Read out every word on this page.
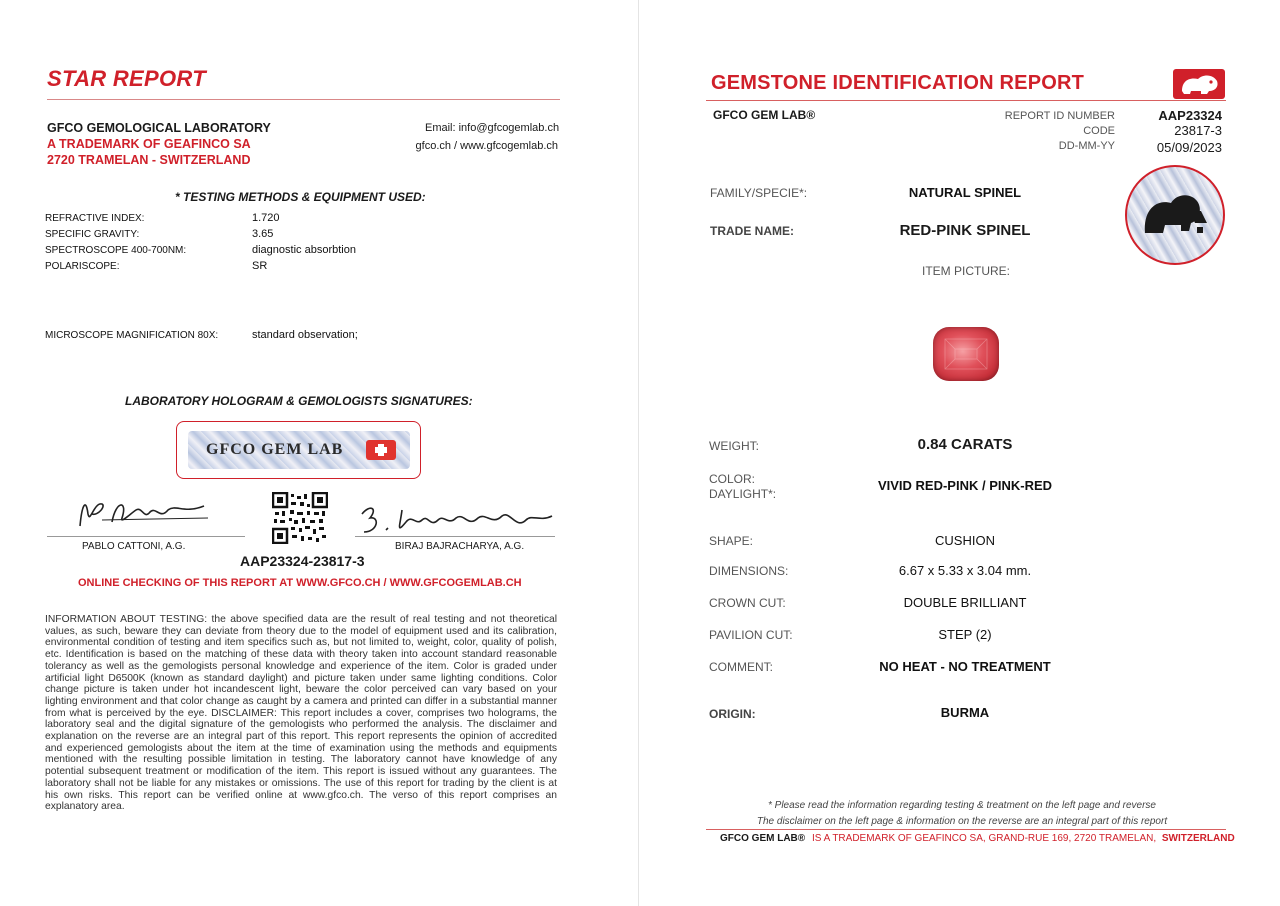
STAR REPORT
GFCO GEMOLOGICAL LABORATORY
A TRADEMARK OF GEAFINCO SA
2720 TRAMELAN - SWITZERLAND
Email: info@gfcogemlab.ch
gfco.ch / www.gfcogemlab.ch
* TESTING METHODS & EQUIPMENT USED:
REFRACTIVE INDEX:	1.720
SPECIFIC GRAVITY:	3.65
SPECTROSCOPE 400-700NM:	diagnostic absorbtion
POLARISCOPE:	SR
MICROSCOPE MAGNIFICATION 80X:	standard observation;
LABORATORY HOLOGRAM & GEMOLOGISTS SIGNATURES:
GFCO GEM LAB
PABLO CATTONI, A.G.	BIRAJ BAJRACHARYA, A.G.
AAP23324-23817-3
ONLINE CHECKING OF THIS REPORT AT WWW.GFCO.CH / WWW.GFCOGEMLAB.CH
INFORMATION ABOUT TESTING: the above specified data are the result of real testing and not theoretical values, as such, beware they can deviate from theory due to the model of equipment used and its calibration, environmental condition of testing and item specifics such as, but not limited to, weight, color, quality of polish, etc. Identification is based on the matching of these data with theory taken into account standard reasonable tolerancy as well as the gemologists personal knowledge and experience of the item. Color is graded under artificial light D6500K (known as standard daylight) and picture taken under same lighting conditions. Color change picture is taken under hot incandescent light, beware the color perceived can vary based on your lighting environment and that color change as caught by a camera and printed can differ in a substantial manner from what is perceived by the eye. DISCLAIMER: This report includes a cover, comprises two holograms, the laboratory seal and the digital signature of the gemologists who performed the analysis. The disclaimer and explanation on the reverse are an integral part of this report. This report represents the opinion of accredited and experienced gemologists about the item at the time of examination using the methods and equipments mentioned with the resulting possible limitation in testing. The laboratory cannot have knowledge of any potential subsequent treatment or modification of the item. This report is issued without any guarantees. The laboratory shall not be liable for any mistakes or omissions. The use of this report for trading by the client is at his own risks. This report can be verified online at www.gfco.ch. The verso of this report comprises an explanatory area.
GEMSTONE IDENTIFICATION REPORT
GFCO GEM LAB®	REPORT ID NUMBER	AAP23324
CODE	23817-3
DD-MM-YY	05/09/2023
FAMILY/SPECIE*:	NATURAL SPINEL
TRADE NAME:	RED-PINK SPINEL
ITEM PICTURE:
WEIGHT:	0.84 CARATS
COLOR:
DAYLIGHT*:
VIVID RED-PINK / PINK-RED
SHAPE:	CUSHION
DIMENSIONS:	6.67 x 5.33 x 3.04 mm.
CROWN CUT:	DOUBLE BRILLIANT
PAVILION CUT:	STEP (2)
COMMENT:	NO HEAT - NO TREATMENT
ORIGIN:	BURMA
* Please read the information regarding testing & treatment on the left page and reverse
The disclaimer on the left page & information on the reverse are an integral part of this report
GFCO GEM LAB® IS A TRADEMARK OF GEAFINCO SA, GRAND-RUE 169, 2720 TRAMELAN, SWITZERLAND
